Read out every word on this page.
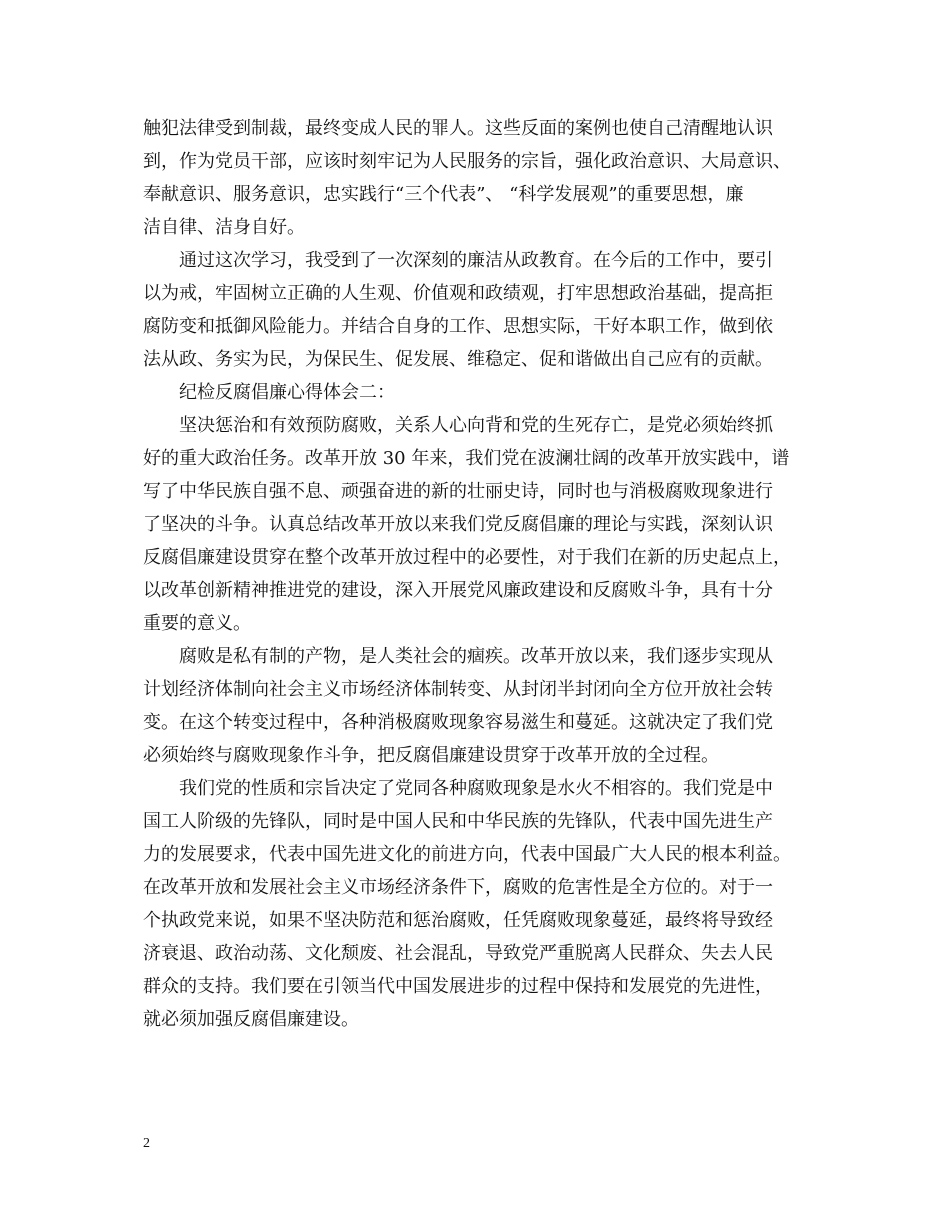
触犯法律受到制裁，最终变成人民的罪人。这些反面的案例也使自己清醒地认识
到，作为党员干部，应该时刻牢记为人民服务的宗旨，强化政治意识、大局意识、
奉献意识、服务意识，忠实践行“三个代表”、 “科学发展观”的重要思想，廉
洁自律、洁身自好。
通过这次学习，我受到了一次深刻的廉洁从政教育。在今后的工作中，要引
以为戒，牢固树立正确的人生观、价值观和政绩观，打牢思想政治基础，提高拒
腐防变和抵御风险能力。并结合自身的工作、思想实际，干好本职工作，做到依
法从政、务实为民，为保民生、促发展、维稳定、促和谐做出自己应有的贡献。
纪检反腐倡廉心得体会二：
坚决惩治和有效预防腐败，关系人心向背和党的生死存亡，是党必须始终抓
好的重大政治任务。改革开放 30 年来，我们党在波澜壮阔的改革开放实践中，谱
写了中华民族自强不息、顽强奋进的新的壮丽史诗，同时也与消极腐败现象进行
了坚决的斗争。认真总结改革开放以来我们党反腐倡廉的理论与实践，深刻认识
反腐倡廉建设贯穿在整个改革开放过程中的必要性，对于我们在新的历史起点上，
以改革创新精神推进党的建设，深入开展党风廉政建设和反腐败斗争，具有十分
重要的意义。
腐败是私有制的产物，是人类社会的痼疾。改革开放以来，我们逐步实现从
计划经济体制向社会主义市场经济体制转变、从封闭半封闭向全方位开放社会转
变。在这个转变过程中，各种消极腐败现象容易滋生和蔓延。这就决定了我们党
必须始终与腐败现象作斗争，把反腐倡廉建设贯穿于改革开放的全过程。
我们党的性质和宗旨决定了党同各种腐败现象是水火不相容的。我们党是中
国工人阶级的先锋队，同时是中国人民和中华民族的先锋队，代表中国先进生产
力的发展要求，代表中国先进文化的前进方向，代表中国最广大人民的根本利益。
在改革开放和发展社会主义市场经济条件下，腐败的危害性是全方位的。对于一
个执政党来说，如果不坚决防范和惩治腐败，任凭腐败现象蔓延，最终将导致经
济衰退、政治动荡、文化颓废、社会混乱，导致党严重脱离人民群众、失去人民
群众的支持。我们要在引领当代中国发展进步的过程中保持和发展党的先进性，
就必须加强反腐倡廉建设。
2
